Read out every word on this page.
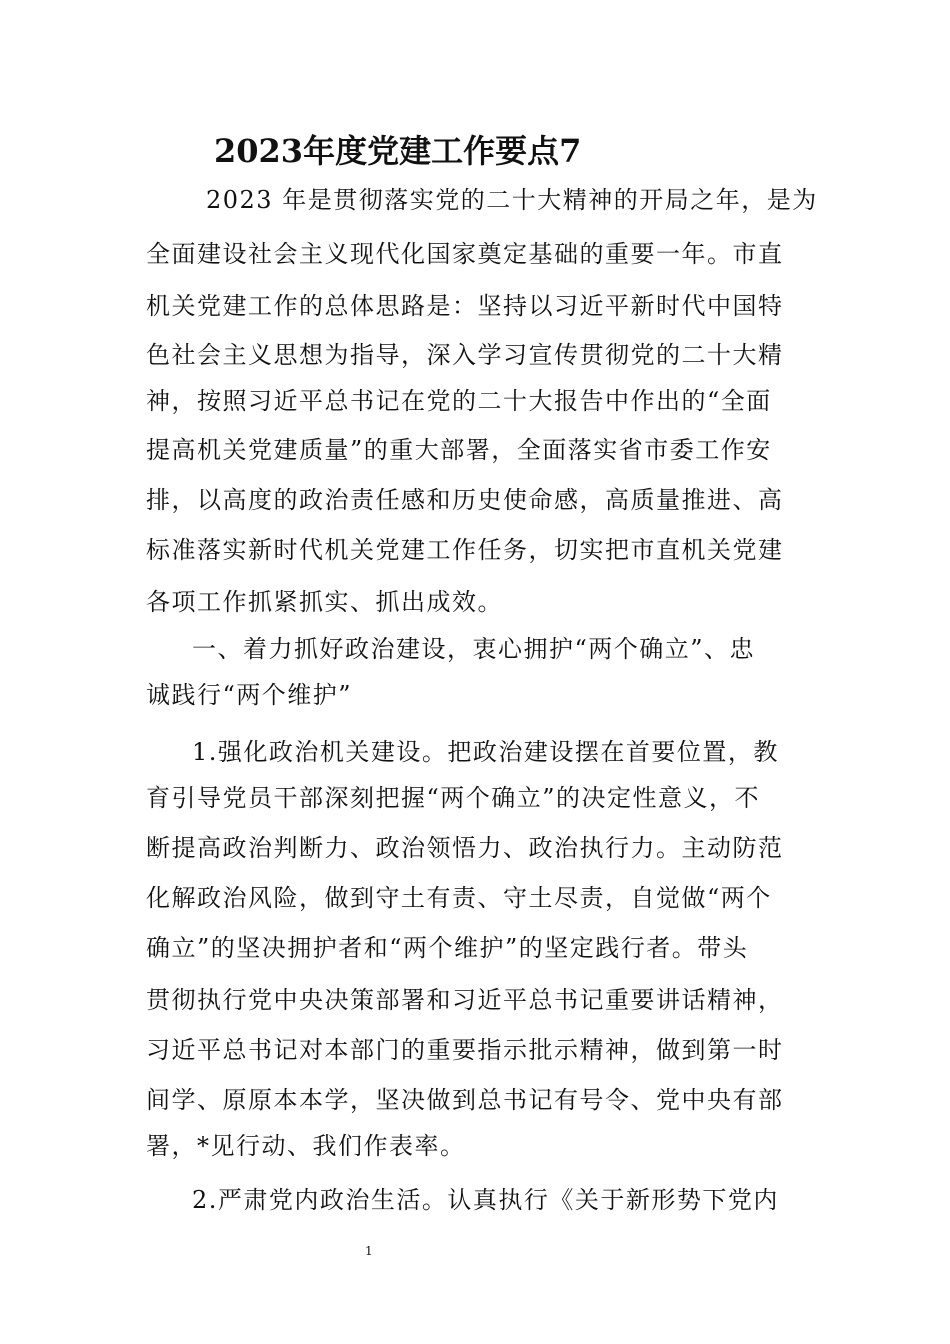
2023年度党建工作要点7
2023 年是贯彻落实党的二十大精神的开局之年，是为
全面建设社会主义现代化国家奠定基础的重要一年。市直
机关党建工作的总体思路是：坚持以习近平新时代中国特
色社会主义思想为指导，深入学习宣传贯彻党的二十大精
神，按照习近平总书记在党的二十大报告中作出的“全面
提高机关党建质量”的重大部署，全面落实省市委工作安
排，以高度的政治责任感和历史使命感，高质量推进、高
标准落实新时代机关党建工作任务，切实把市直机关党建
各项工作抓紧抓实、抓出成效。
一、着力抓好政治建设，衷心拥护“两个确立”、忠
诚践行“两个维护”
1.强化政治机关建设。把政治建设摆在首要位置，教
育引导党员干部深刻把握“两个确立”的决定性意义，不
断提高政治判断力、政治领悟力、政治执行力。主动防范
化解政治风险，做到守土有责、守土尽责，自觉做“两个
确立”的坚决拥护者和“两个维护”的坚定践行者。带头
贯彻执行党中央决策部署和习近平总书记重要讲话精神，
习近平总书记对本部门的重要指示批示精神，做到第一时
间学、原原本本学，坚决做到总书记有号令、党中央有部
署，*见行动、我们作表率。
2.严肃党内政治生活。认真执行《关于新形势下党内
1
